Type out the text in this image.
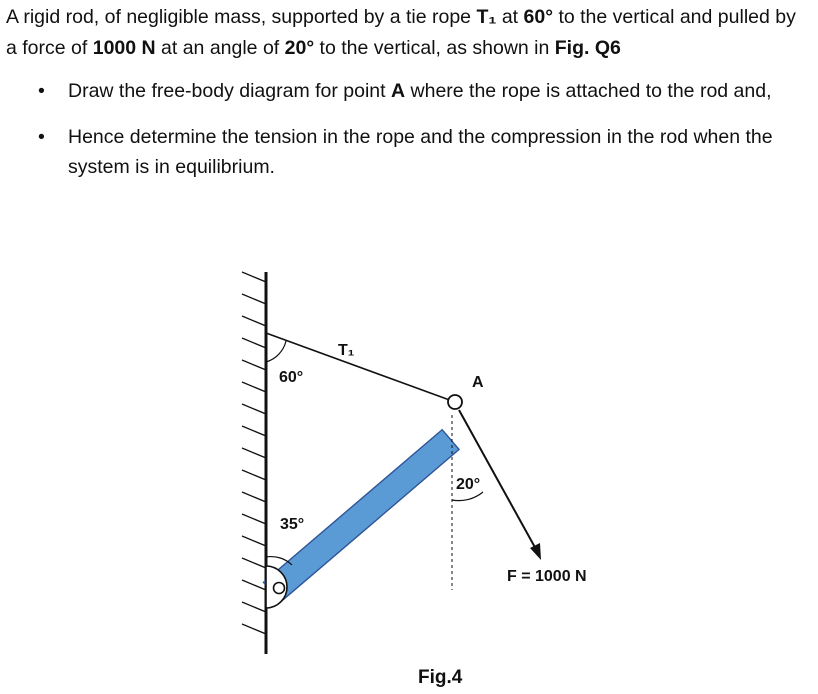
A rigid rod, of negligible mass, supported by a tie rope T₁ at 60° to the vertical and pulled by a force of 1000 N at an angle of 20° to the vertical, as shown in Fig. Q6
• Draw the free-body diagram for point A where the rope is attached to the rod and,
• Hence determine the tension in the rope and the compression in the rod when the system is in equilibrium.
T₁
A
60°
35°
20°
F = 1000 N
Fig.4
